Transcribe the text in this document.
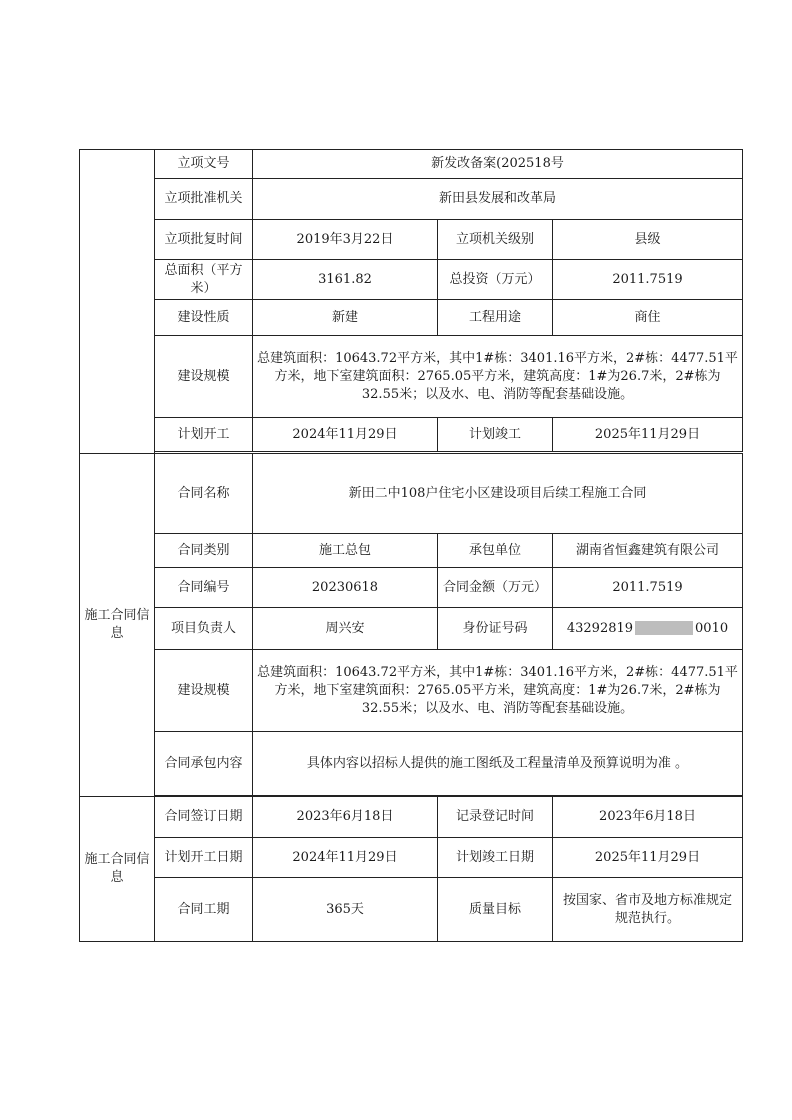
	立项文号	新发改备案(202518号		
	立项批准机关	新田县发展和改革局		
	立项批复时间	2019年3月22日	立项机关级别	县级
	总面积（平方米）	3161.82	总投资（万元）	2011.7519
	建设性质	新建	工程用途	商住
	建设规模	总建筑面积：10643.72平方米，其中1#栋：3401.16平方米，2#栋：4477.51平方米，地下室建筑面积：2765.05平方米，建筑高度：1#为26.7米，2#栋为32.55米；以及水、电、消防等配套基础设施。		
	计划开工	2024年11月29日	计划竣工	2025年11月29日

施工合同信息	合同名称	新田二中108户住宅小区建设项目后续工程施工合同		
	合同类别	施工总包	承包单位	湖南省恒鑫建筑有限公司
	合同编号	20230618	合同金额（万元）	2011.7519
	项目负责人	周兴安	身份证号码	43292819 0010
	建设规模	总建筑面积：10643.72平方米，其中1#栋：3401.16平方米，2#栋：4477.51平方米，地下室建筑面积：2765.05平方米，建筑高度：1#为26.7米，2#栋为32.55米；以及水、电、消防等配套基础设施。		
	合同承包内容	具体内容以招标人提供的施工图纸及工程量清单及预算说明为准 。		

施工合同信息	合同签订日期	2023年6月18日	记录登记时间	2023年6月18日
	计划开工日期	2024年11月29日	计划竣工日期	2025年11月29日
	合同工期	365天	质量目标	按国家、省市及地方标准规定规范执行。
